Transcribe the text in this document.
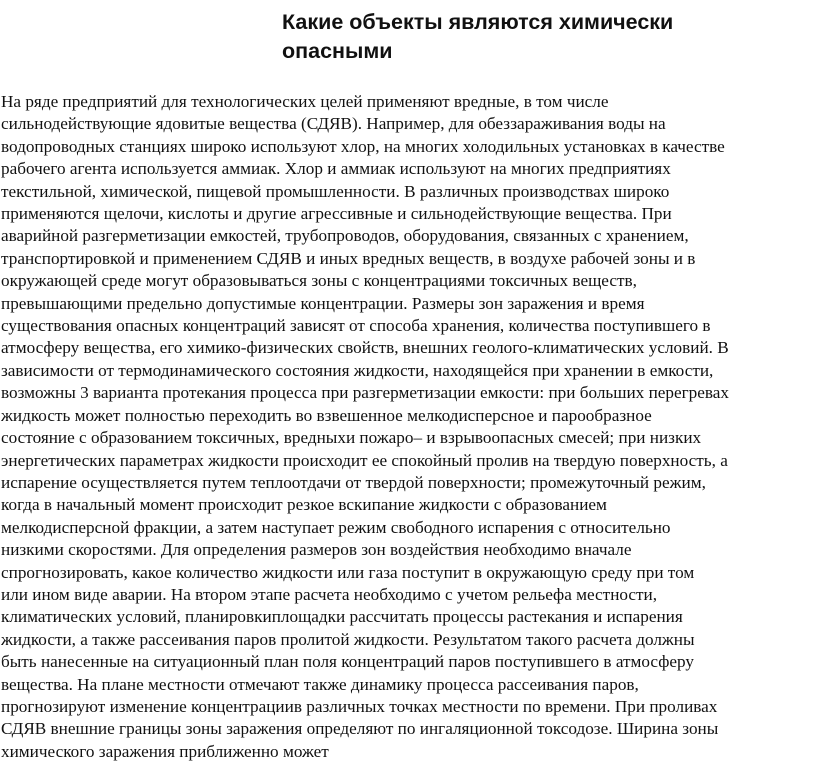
Какие объекты являются химически
опасными
На ряде предприятий для технологических целей применяют вредные, в том числе
сильнодействующие ядовитые вещества (СДЯВ). Например, для обеззараживания воды на
водопроводных станциях широко используют хлор, на многих холодильных установках в качестве
рабочего агента используется аммиак. Хлор и аммиак используют на многих предприятиях
текстильной, химической, пищевой промышленности. В различных производствах широко
применяются щелочи, кислоты и другие агрессивные и сильнодействующие вещества. При
аварийной разгерметизации емкостей, трубопроводов, оборудования, связанных с хранением,
транспортировкой и применением СДЯВ и иных вредных веществ, в воздухе рабочей зоны и в
окружающей среде могут образовываться зоны с концентрациями токсичных веществ,
превышающими предельно допустимые концентрации. Размеры зон заражения и время
существования опасных концентраций зависят от способа хранения, количества поступившего в
атмосферу вещества, его химико-физических свойств, внешних геолого-климатических условий. В
зависимости от термодинамического состояния жидкости, находящейся при хранении в емкости,
возможны 3 варианта протекания процесса при разгерметизации емкости: при больших перегревах
жидкость может полностью переходить во взвешенное мелкодисперсное и парообразное
состояние с образованием токсичных, вредныхи пожаро– и взрывоопасных смесей; при низких
энергетических параметрах жидкости происходит ее спокойный пролив на твердую поверхность, а
испарение осуществляется путем теплоотдачи от твердой поверхности; промежуточный режим,
когда в начальный момент происходит резкое вскипание жидкости с образованием
мелкодисперсной фракции, а затем наступает режим свободного испарения с относительно
низкими скоростями. Для определения размеров зон воздействия необходимо вначале
спрогнозировать, какое количество жидкости или газа поступит в окружающую среду при том
или ином виде аварии. На втором этапе расчета необходимо с учетом рельефа местности,
климатических условий, планировкиплощадки рассчитать процессы растекания и испарения
жидкости, а также рассеивания паров пролитой жидкости. Результатом такого расчета должны
быть нанесенные на ситуационный план поля концентраций паров поступившего в атмосферу
вещества. На плане местности отмечают также динамику процесса рассеивания паров,
прогнозируют изменение концентрациив различных точках местности по времени. При проливах
СДЯВ внешние границы зоны заражения определяют по ингаляционной токсодозе. Ширина зоны
химического заражения приближенно может
